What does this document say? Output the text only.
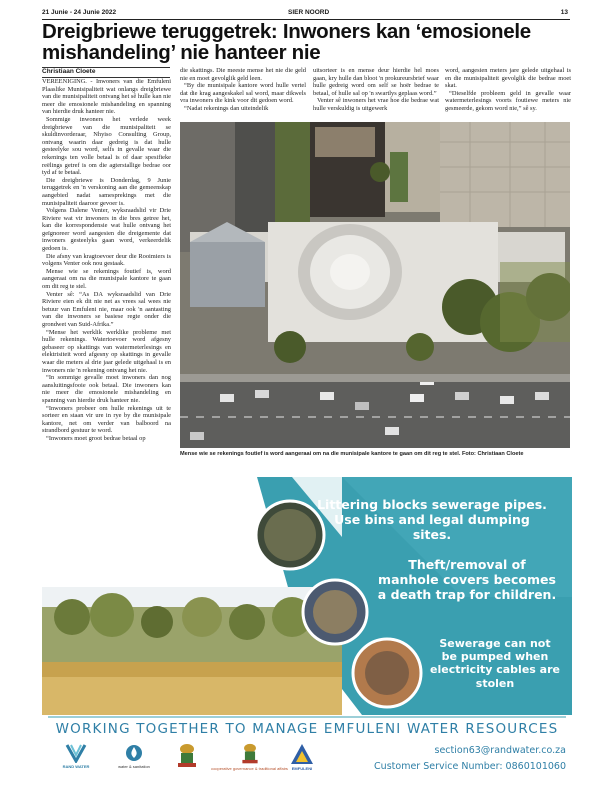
21 Junie - 24 Junie 2022	SIER NOORD	13
Dreigbriewe teruggetrek: Inwoners kan ‘emosionele mishandeling’ nie hanteer nie
Christiaan Cloete

VEREENIGING. - Inwoners van die Emfuleni Plaaslike Munisipaliteit wat onlangs dreigbriewe van die munisipaliteit ontvang het sê hulle kan nie meer die emosionele mishandeling en spanning van hierdie druk hanteer nie.

Sommige inwoners het verlede week dreigbriewe van die munisipaliteit se skuldinvorderaar, Nhyiso Consulting Group, ontvang waarin daar gedreig is dat hulle gesteelyke sou word, selfs in gevalle waar die rekenings ten volle betaal is of daar spesifieke reëlings getref is om die agterstallige bedrae oor tyd af te betaal.

Die dreigbriewe is Donderdag, 9 Junie teruggetrek en 'n verskoning aan die gemeenskap aangebied nadat samesprekings met die munisipaliteit daaroor gevoer is.

Volgens Dalene Venter, wyksraadslid vir Drie Riviere wat vir inwoners in die bres getree het, kan die korrespondensie wat hulle ontvang het geïgnoreer word aangesien die dreigemente dat inwoners gesteelyks gaan word, verkeerdelik gedoen is.

Die afsny van kragtoevoer deur die Rooimiers is volgens Venter ook nou gestaak.

Mense wie se rekenings foutief is, word aangeraai om na die munisipale kantore te gaan om dit reg te stel.

Venter sê: “As DA wyksraadslid van Drie Riviere eien ek dit nie net as vrees sal wees nie betuur van Emfuleni nie, maar ook 'n aantasting van die inwoners se basiese regte onder die grondwet van Suid-Afrika.”

“Mense het werklik werklike probleme met hulle rekenings. Watertoevoer word afgesny gebaseer op skattings van watermeterlesings en elektrisiteit word afgesny op skattings in gevalle waar die meters al drie jaar gelede uitgehaal is en inwoners nie 'n rekening ontvang het nie.

“In sommige gevalle moet inwoners dan nog aansluitingsfooie ook betaal. Die inwoners kan nie meer die emosionele mishandeling en spanning van hierdie druk hanteer nie.

“Inwoners probeer om hulle rekenings uit te sorteer en staan vir ure in rye by die munisipale kantore, net om verder van balboord na strandbord gestuur te word.

“Inwoners moet groot bedrae betaal op

die skattings. Die meeste mense het nie die geld nie en moet gevolglik geld leen.

“By die munisipale kantore word hulle vertel dat die krag aangeskakel sal word, maar dikwels vra inwoners die kink voor dit gedoen word.

“Nadat rekenings dan uiteindelik

uitsorteer is en mense deur hierdie hel moes gaan, kry hulle dan bloot 'n prokureursbrief waar hulle gedreig word om self se hoër bedrae te betaal, of hulle sal op 'n swartlys geplaas word.”

Venter sê inwoners het vrae hoe die bedrae wat hulle verskuldig is uitgewerk

word, aangesien meters jare gelede uitgehaal is en die munisipaliteit gevolglik die bedrae moet skat.

“Dieselfde probleem geld in gevalle waar watermeterlesings voorts foutiewe meters nie gesmeerde, gekom word nie,” sê sy.

Mense wie se rekenings foutief is word aangeraai om na die munisipale kantore te gaan om dit reg te stel. Foto: Christiaan Cloete
Littering blocks sewerage pipes. Use bins and legal dumping sites.
Theft/removal of manhole covers becomes a death trap for children.
Sewerage can not be pumped when electricity cables are stolen
WORKING TOGETHER TO MANAGE EMFULENI WATER RESOURCES
RAND WATER	water & sanitation	cooperative governance & traditional affairs EMFULENI
section63@randwater.co.za
Customer Service Number: 0860101060
